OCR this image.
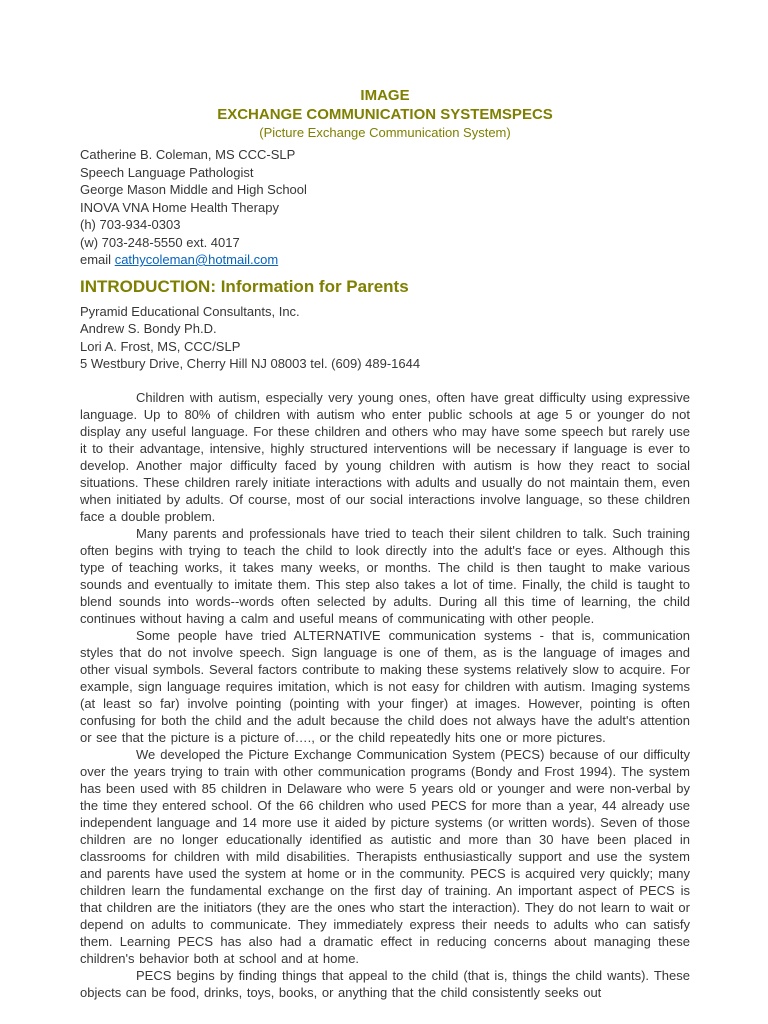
IMAGE
EXCHANGE COMMUNICATION SYSTEMSPECS
(Picture Exchange Communication System)
Catherine B. Coleman, MS CCC-SLP
Speech Language Pathologist
George Mason Middle and High School
INOVA VNA Home Health Therapy
(h) 703-934-0303
(w) 703-248-5550 ext. 4017
email cathycoleman@hotmail.com
INTRODUCTION: Information for Parents
Pyramid Educational Consultants, Inc.
Andrew S. Bondy Ph.D.
Lori A. Frost, MS, CCC/SLP
5 Westbury Drive, Cherry Hill NJ 08003 tel. (609) 489-1644

Children with autism, especially very young ones, often have great difficulty using expressive language. Up to 80% of children with autism who enter public schools at age 5 or younger do not display any useful language. For these children and others who may have some speech but rarely use it to their advantage, intensive, highly structured interventions will be necessary if language is ever to develop. Another major difficulty faced by young children with autism is how they react to social situations. These children rarely initiate interactions with adults and usually do not maintain them, even when initiated by adults. Of course, most of our social interactions involve language, so these children face a double problem.

Many parents and professionals have tried to teach their silent children to talk. Such training often begins with trying to teach the child to look directly into the adult's face or eyes. Although this type of teaching works, it takes many weeks, or months. The child is then taught to make various sounds and eventually to imitate them. This step also takes a lot of time. Finally, the child is taught to blend sounds into words--words often selected by adults. During all this time of learning, the child continues without having a calm and useful means of communicating with other people.

Some people have tried ALTERNATIVE communication systems - that is, communication styles that do not involve speech. Sign language is one of them, as is the language of images and other visual symbols. Several factors contribute to making these systems relatively slow to acquire. For example, sign language requires imitation, which is not easy for children with autism. Imaging systems (at least so far) involve pointing (pointing with your finger) at images. However, pointing is often confusing for both the child and the adult because the child does not always have the adult's attention or see that the picture is a picture of…., or the child repeatedly hits one or more pictures.

We developed the Picture Exchange Communication System (PECS) because of our difficulty over the years trying to train with other communication programs (Bondy and Frost 1994). The system has been used with 85 children in Delaware who were 5 years old or younger and were non-verbal by the time they entered school. Of the 66 children who used PECS for more than a year, 44 already use independent language and 14 more use it aided by picture systems (or written words). Seven of those children are no longer educationally identified as autistic and more than 30 have been placed in classrooms for children with mild disabilities. Therapists enthusiastically support and use the system and parents have used the system at home or in the community. PECS is acquired very quickly; many children learn the fundamental exchange on the first day of training. An important aspect of PECS is that children are the initiators (they are the ones who start the interaction). They do not learn to wait or depend on adults to communicate. They immediately express their needs to adults who can satisfy them. Learning PECS has also had a dramatic effect in reducing concerns about managing these children's behavior both at school and at home.

PECS begins by finding things that appeal to the child (that is, things the child wants). These objects can be food, drinks, toys, books, or anything that the child consistently seeks out
